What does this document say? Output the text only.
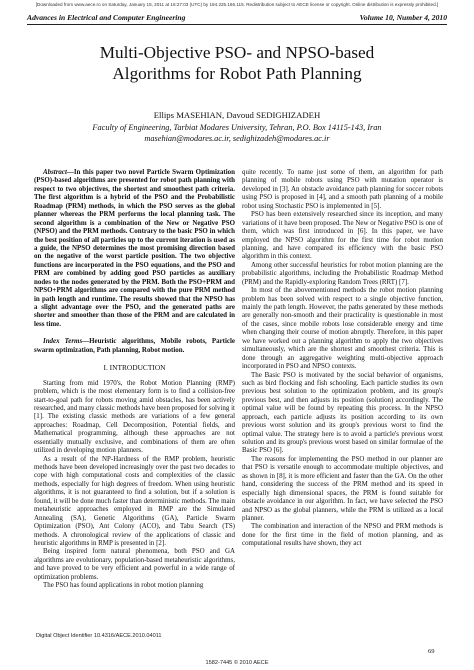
[Downloaded from www.aece.ro on Saturday, January 15, 2011 at 16:27:03 (UTC) by 194.225.166.115. Redistribution subject to AECE license or copyright. Online distribution is expressly prohibited.]
Advances in Electrical and Computer Engineering	Volume 10, Number 4, 2010
Multi-Objective PSO- and NPSO-based
Algorithms for Robot Path Planning
Ellips MASEHIAN, Davoud SEDIGHIZADEH
Faculty of Engineering, Tarbiat Modares University, Tehran, P.O. Box 14115-143, Iran
masehian@modares.ac.ir, sedighizadeh@modares.ac.ir

Abstract—In this paper two novel Particle Swarm Optimization (PSO)-based algorithms are presented for robot path planning with respect to two objectives, the shortest and smoothest path criteria. The first algorithm is a hybrid of the PSO and the Probabilistic Roadmap (PRM) methods, in which the PSO serves as the global planner whereas the PRM performs the local planning task. The second algorithm is a combination of the New or Negative PSO (NPSO) and the PRM methods. Contrary to the basic PSO in which the best position of all particles up to the current iteration is used as a guide, the NPSO determines the most promising direction based on the negative of the worst particle position. The two objective functions are incorporated in the PSO equations, and the PSO and PRM are combined by adding good PSO particles as auxiliary nodes to the nodes generated by the PRM. Both the PSO+PRM and NPSO+PRM algorithms are compared with the pure PRM method in path length and runtime. The results showed that the NPSO has a slight advantage over the PSO, and the generated paths are shorter and smoother than those of the PRM and are calculated in less time.

Index Terms—Heuristic algorithms, Mobile robots, Particle swarm optimization, Path planning, Robot motion.

I. INTRODUCTION

Starting from mid 1970's, the Robot Motion Planning (RMP) problem, which is the most elementary form is to find a collision-free start-to-goal path for robots moving amid obstacles, has been actively researched, and many classic methods have been proposed for solving it [1]. The existing classic methods are variations of a few general approaches: Roadmap, Cell Decomposition, Potential fields, and Mathematical programming, although these approaches are not essentially mutually exclusive, and combinations of them are often utilized in developing motion planners.

As a result of the NP-Hardness of the RMP problem, heuristic methods have been developed increasingly over the past two decades to cope with high computational costs and complexities of the classic methods, especially for high degrees of freedom. When using heuristic algorithms, it is not guaranteed to find a solution, but if a solution is found, it will be done much faster than deterministic methods. The main metaheuristic approaches employed in RMP are the Simulated Annealing (SA), Genetic Algorithms (GA), Particle Swarm Optimization (PSO), Ant Colony (ACO), and Tabu Search (TS) methods. A chronological review of the applications of classic and heuristic algorithms in RMP is presented in [2].

Being inspired form natural phenomena, both PSO and GA algorithms are evolutionary, population-based metaheuristic algorithms, and have proved to be very efficient and powerful in a wide range of optimization problems.

The PSO has found applications in robot motion planning

quite recently. To name just some of them, an algorithm for path planning of mobile robots using PSO with mutation operator is developed in [3]. An obstacle avoidance path planning for soccer robots using PSO is proposed in [4], and a smooth path planning of a mobile robot using Stochastic PSO is implemented in [5].

PSO has been extensively researched since its inception, and many variations of it have been proposed. The New or Negative PSO is one of them, which was first introduced in [6]. In this paper, we have employed the NPSO algorithm for the first time for robot motion planning, and have compared its efficiency with the basic PSO algorithm in this context.

Among other successful heuristics for robot motion planning are the probabilistic algorithms, including the Probabilistic Roadmap Method (PRM) and the Rapidly-exploring Random Trees (RRT) [7].

In most of the abovementioned methods the robot motion planning problem has been solved with respect to a single objective function, mainly the path length. However, the paths generated by these methods are generally non-smooth and their practicality is questionable in most of the cases, since mobile robots lose considerable energy and time when changing their course of motion abruptly. Therefore, in this paper we have worked out a planning algorithm to apply the two objectives simultaneously, which are the shortest and smoothest criteria. This is done through an aggregative weighting multi-objective approach incorporated in PSO and NPSO contexts.

The Basic PSO is motivated by the social behavior of organisms, such as bird flocking and fish schooling. Each particle studies its own previous best solution to the optimization problem, and its group's previous best, and then adjusts its position (solution) accordingly. The optimal value will be found by repeating this process. In the NPSO approach, each particle adjusts its position according to its own previous worst solution and its group's previous worst to find the optimal value. The strategy here is to avoid a particle's previous worst solution and its group's previous worst based on similar formulae of the Basic PSO [6].

The reasons for implementing the PSO method in our planner are that PSO is versatile enough to accommodate multiple objectives, and as shown in [8], it is more efficient and faster than the GA. On the other hand, considering the success of the PRM method and its speed in especially high dimensional spaces, the PRM is found suitable for obstacle avoidance in our algorithm. In fact, we have selected the PSO and NPSO as the global planners, while the PRM is utilized as a local planner.

The combination and interaction of the NPSO and PRM methods is done for the first time in the field of motion planning, and as computational results have shown, they act

Digital Object Identifier 10.4316/AECE.2010.04011
69
1582-7445 © 2010 AECE
